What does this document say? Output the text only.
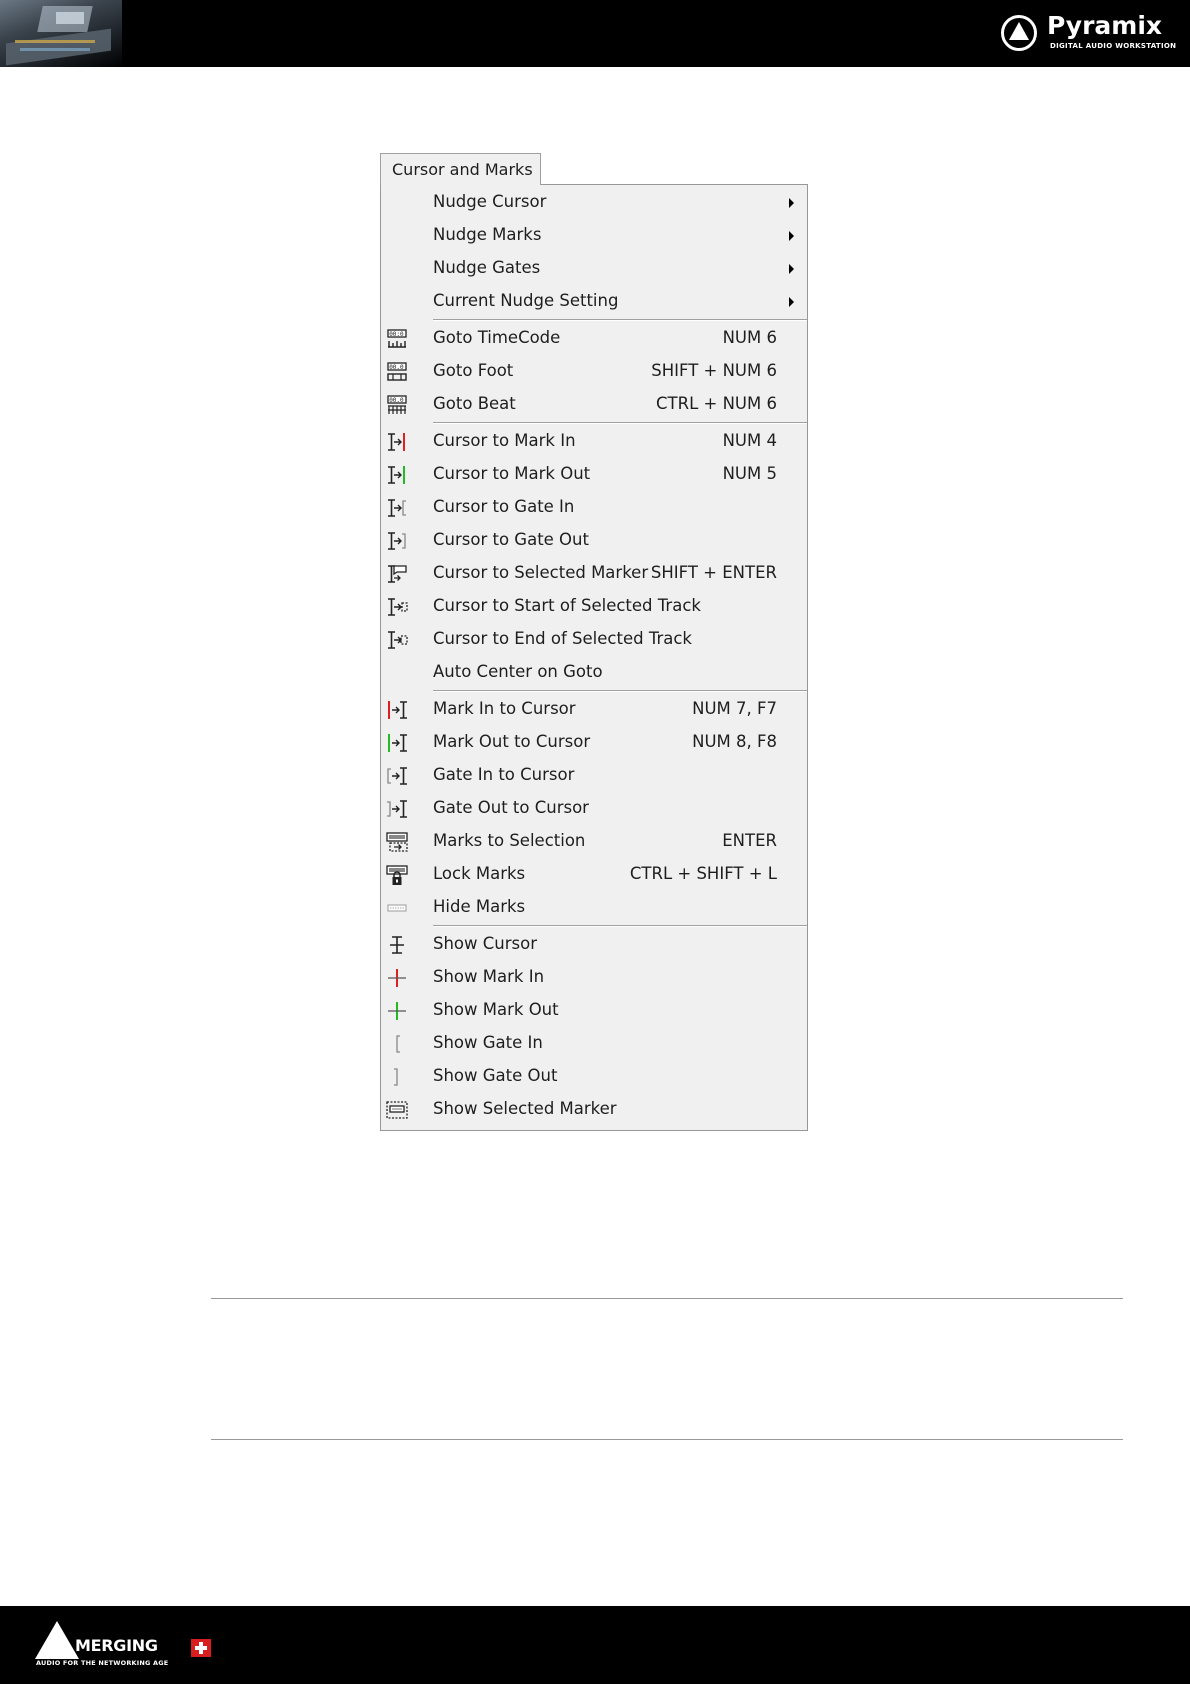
Pyramix
DIGITAL AUDIO WORKSTATION
Cursor and Marks
Nudge Cursor
Nudge Marks
Nudge Gates
Current Nudge Setting
00:0 Goto TimeCode	NUM 6
00.0 Goto Foot	SHIFT + NUM 6
00.0 Goto Beat	CTRL + NUM 6
Cursor to Mark In	NUM 4
Cursor to Mark Out	NUM 5
Cursor to Gate In
Cursor to Gate Out
Cursor to Selected Marker SHIFT + ENTER
Cursor to Start of Selected Track
Cursor to End of Selected Track
Auto Center on Goto
Mark In to Cursor	NUM 7, F7
Mark Out to Cursor	NUM 8, F8
Gate In to Cursor
Gate Out to Cursor
Marks to Selection	ENTER
Lock Marks	CTRL + SHIFT + L
Hide Marks
Show Cursor
Show Mark In
Show Mark Out
Show Gate In
Show Gate Out
Show Selected Marker
MERGING
AUDIO FOR THE NETWORKING AGE
